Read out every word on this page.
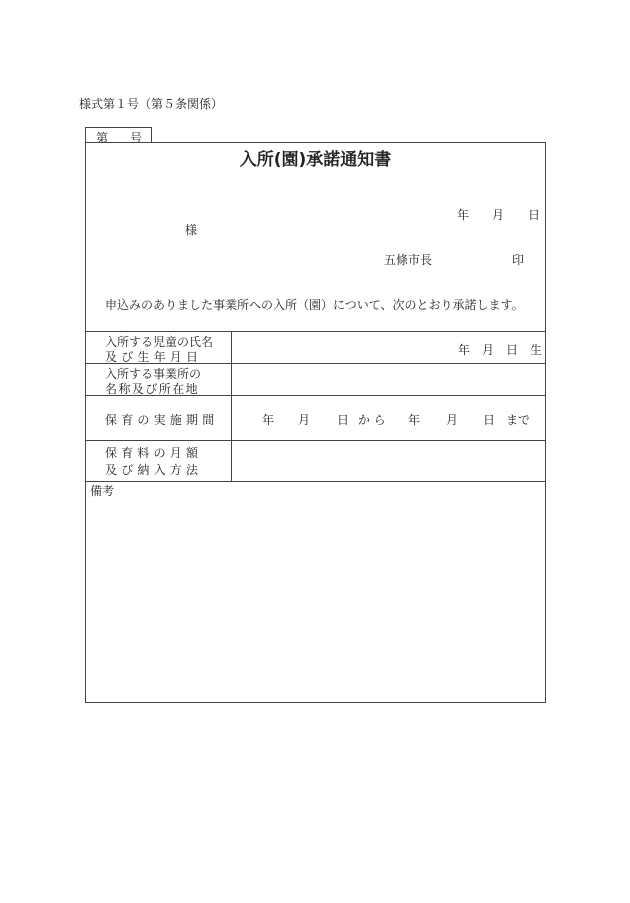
様式第１号（第５条関係）
第 号
入所(園)承諾通知書
年 月 日
様
五條市長	印
申込みのありました事業所への入所（園）について、次のとおり承諾します。
入所する児童の氏名
及び生年月日	年　月　日　生
入所する事業所の
名称及び所在地
保育の実施期間	年 月 日 から 年 月 日 まで
保育料の月額
及び納入方法
備考
